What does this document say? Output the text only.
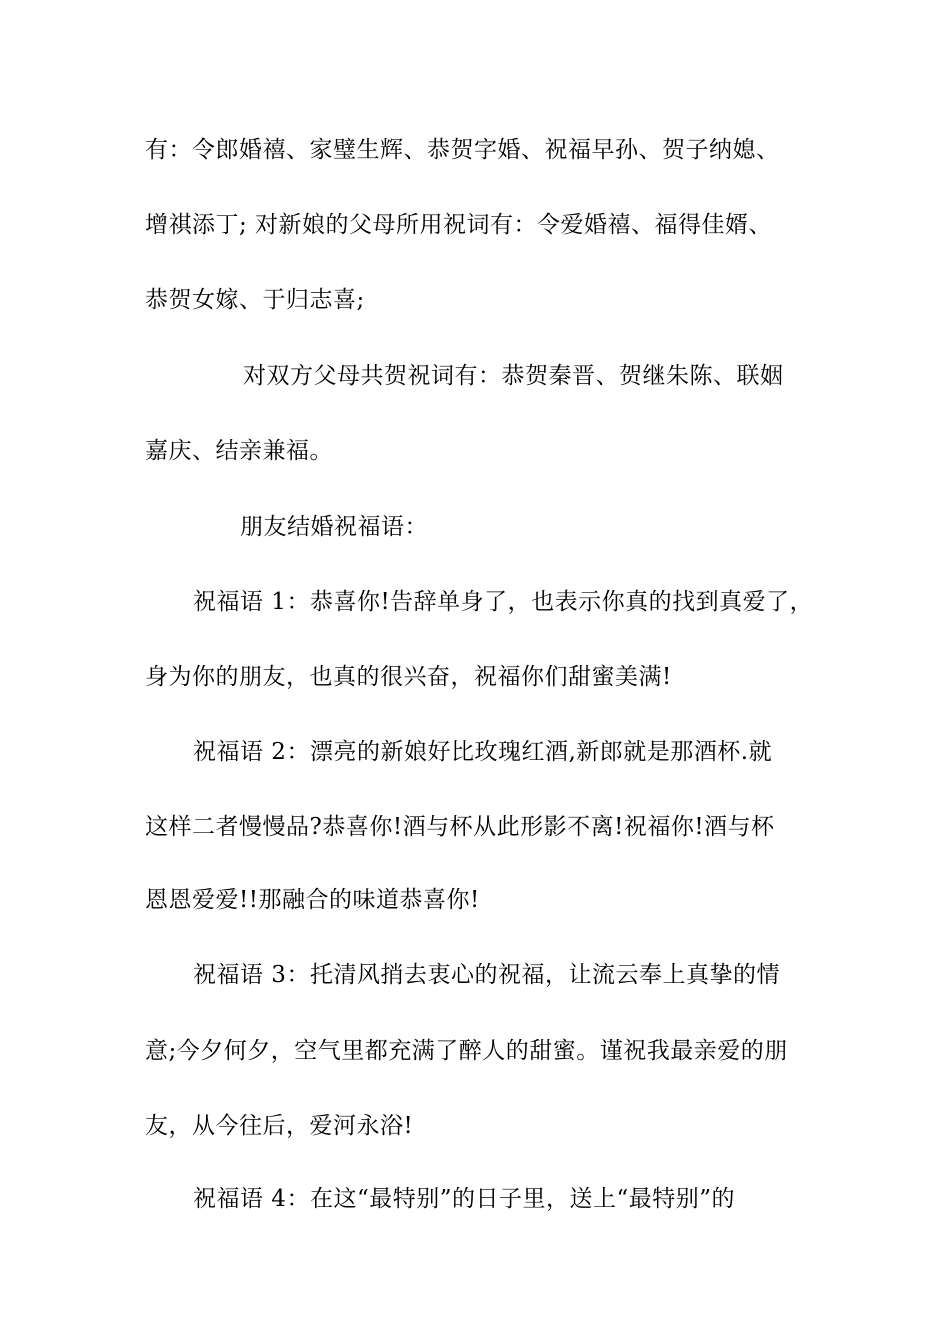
有：令郎婚禧、家璧生辉、恭贺字婚、祝福早孙、贺子纳媳、
增祺添丁; 对新娘的父母所用祝词有：令爱婚禧、福得佳婿、
恭贺女嫁、于归志喜;
对双方父母共贺祝词有：恭贺秦晋、贺继朱陈、联姻
嘉庆、结亲兼福。
朋友结婚祝福语：
祝福语 1：恭喜你!告辞单身了，也表示你真的找到真爱了，
身为你的朋友，也真的很兴奋，祝福你们甜蜜美满!
祝福语 2：漂亮的新娘好比玫瑰红酒,新郎就是那酒杯.就
这样二者慢慢品?恭喜你!酒与杯从此形影不离!祝福你!酒与杯
恩恩爱爱!!那融合的味道恭喜你!
祝福语 3：托清风捎去衷心的祝福，让流云奉上真挚的情
意;今夕何夕，空气里都充满了醉人的甜蜜。谨祝我最亲爱的朋
友，从今往后，爱河永浴!
祝福语 4：在这“最特别”的日子里，送上“最特别”的
